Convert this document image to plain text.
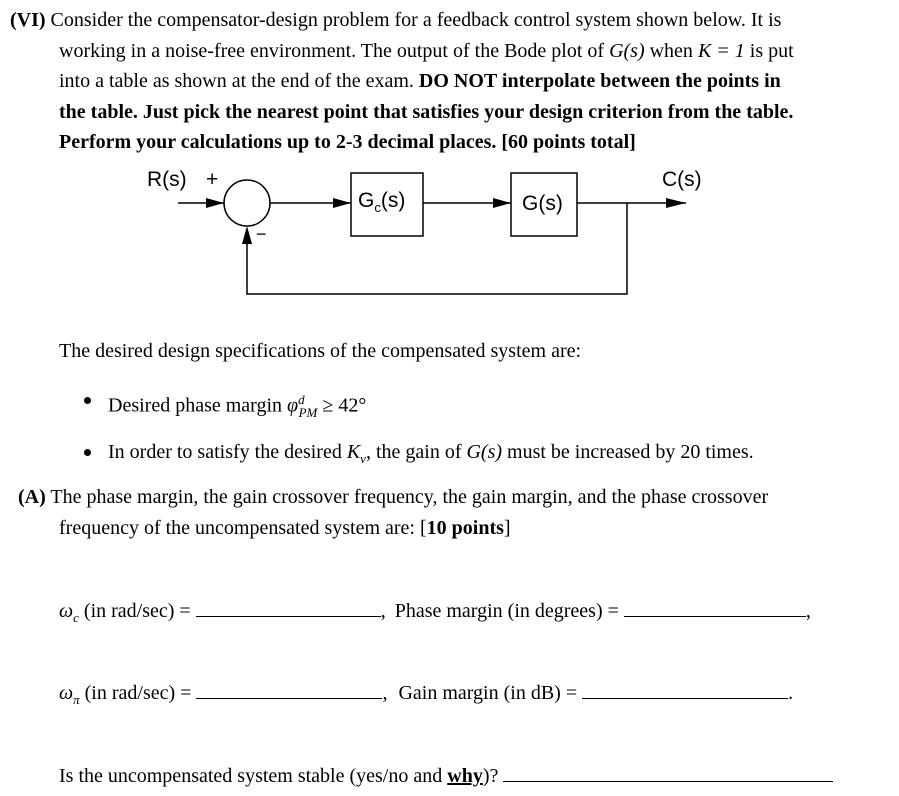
(VI) Consider the compensator-design problem for a feedback control system shown below. It is
working in a noise-free environment. The output of the Bode plot of G(s) when K = 1 is put
into a table as shown at the end of the exam. DO NOT interpolate between the points in
the table. Just pick the nearest point that satisfies your design criterion from the table.
Perform your calculations up to 2-3 decimal places. [60 points total]
R(s) +
−
$G_c(s)$	G(s)
C(s)
The desired design specifications of the compensated system are:
Desired phase margin $\varphi^d_{PM} \ge 42^\circ$
In order to satisfy the desired $K_v$, the gain of G(s) must be increased by 20 times.
(A) The phase margin, the gain crossover frequency, the gain margin, and the phase crossover
frequency of the uncompensated system are: [10 points]
$\omega_c$ (in rad/sec) =	, Phase margin (in degrees) =	,
$\omega_\pi$ (in rad/sec) =	, Gain margin (in dB) =	.
Is the uncompensated system stable (yes/no and why)?
